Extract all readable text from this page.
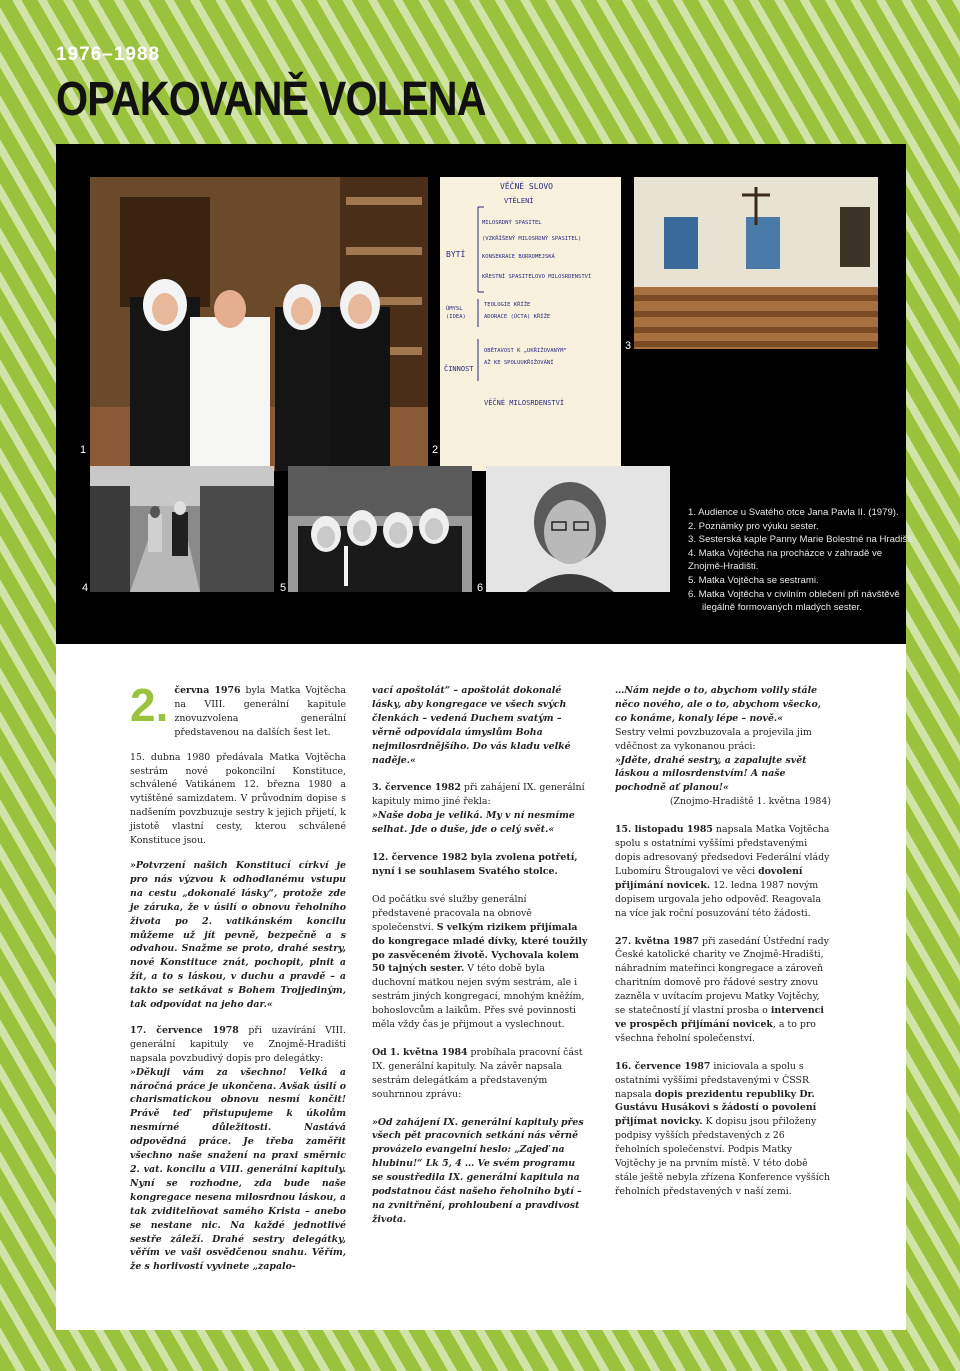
1976–1988
OPAKOVANĚ VOLENA
1
VĚČNÉ SLOVO
VTĚLENÍ
MILOSRDNÝ SPASITEL
(VZKŘÍŠENÝ MILOSRDNÝ SPASITEL)
KONSEKRACE BORROMEJSKÁ
KŘESTNÍ SPASITELOVO MILOSRDENSTVÍ
TEOLOGIE KŘÍŽE
ADORACE (ÚCTA) KŘÍŽE
OBĚTAVOST K „UKŘIŽOVANÝM“
AŽ KE SPOLUUKŘIŽOVÁNÍ
VĚČNÉ MILOSRDENSTVÍ
BYTÍ
ÚMYSL (IDEA)
ČINNOST
2
3
1. Audience u Svatého otce Jana Pavla II. (1979).
2. Poznámky pro výuku sester.
3. Sesterská kaple Panny Marie Bolestné na Hradišti.
4. Matka Vojtěcha na procházce v zahradě ve Znojmě-Hradišti.
5. Matka Vojtěcha se sestrami.
6. Matka Vojtěcha v civilním oblečení při návštěvě
ilegálně formovaných mladých sester.
4	5	6

2. června 1976 byla Matka Vojtěcha na VIII. generální kapitule znovuzvolena generální představenou na dalších šest let.

15. dubna 1980 předávala Matka Vojtěcha sestrám nové pokoncilní Konstituce, schválené Vatikánem 12. března 1980 a vytištěné samizdatem. V průvodním dopise s nadšením povzbuzuje sestry k jejich přijetí, k jistotě vlastní cesty, kterou schválené Konstituce jsou.

»Potvrzení našich Konstitucí církví je pro nás výzvou k odhodlanému vstupu na cestu „dokonalé lásky“, protože zde je záruka, že v úsilí o obnovu řeholního života po 2. vatikánském koncilu můžeme už jít pevně, bezpečně a s odvahou. Snažme se proto, drahé sestry, nové Konstituce znát, pochopit, plnit a žít, a to s láskou, v duchu a pravdě – a takto se setkávat s Bohem Trojjediným, tak odpovídat na jeho dar.«

17. července 1978 při uzavírání VIII. generální kapituly ve Znojmě-Hradišti napsala povzbudivý dopis pro delegátky:

»Děkuji vám za všechno! Velká a náročná práce je ukončena. Avšak úsilí o charismatickou obnovu nesmí končit! Právě teď přistupujeme k úkolům nesmírné důležitosti. Nastává odpovědná práce. Je třeba zaměřit všechno naše snažení na praxi směrnic 2. vat. koncilu a VIII. generální kapituly. Nyní se rozhodne, zda bude naše kongregace nesena milosrdnou láskou, a tak zviditelňovat samého Krista – anebo se nestane nic. Na každé jednotlivé sestře záleží. Drahé sestry delegátky, věřím ve vaši osvědčenou snahu. Věřím, že s horlivostí vyvinete „zapalo-

vací apoštolát“ – apoštolát dokonalé lásky, aby kongregace ve všech svých členkách – vedená Duchem svatým – věrně odpovídala úmyslům Boha nejmilosrdnějšího. Do vás kladu velké naděje.«

3. července 1982 při zahájení IX. generální kapituly mimo jiné řekla:

»Naše doba je veliká. My v ní nesmíme selhat. Jde o duše, jde o celý svět.«

12. července 1982 byla zvolena potřetí, nyní i se souhlasem Svatého stolce.

Od počátku své služby generální představené pracovala na obnově společenství. S velkým rizikem přijímala do kongregace mladé dívky, které toužily po zasvěceném životě. Vychovala kolem 50 tajných sester. V této době byla duchovní matkou nejen svým sestrám, ale i sestrám jiných kongregací, mnohým kněžím, bohoslovcům a laikům. Přes své povinnosti měla vždy čas je přijmout a vyslechnout.

Od 1. května 1984 probíhala pracovní část IX. generální kapituly. Na závěr napsala sestrám delegátkám a představeným souhrnnou zprávu:

»Od zahájení IX. generální kapituly přes všech pět pracovních setkání nás věrně provázelo evangelní heslo: „Zajeď na hlubinu!“ Lk 5, 4 … Ve svém programu se soustředila IX. generální kapitula na podstatnou část našeho řeholního bytí – na zvnitřnění, prohloubení a pravdivost života.

…Nám nejde o to, abychom volily stále něco nového, ale o to, abychom všecko, co konáme, konaly lépe – nově.«

Sestry velmi povzbuzovala a projevila jim vděčnost za vykonanou práci:

»Jděte, drahé sestry, a zapalujte svět láskou a milosrdenstvím! A naše pochodně ať planou!«

(Znojmo-Hradiště 1. května 1984)

15. listopadu 1985 napsala Matka Vojtěcha spolu s ostatními vyššími představenými dopis adresovaný předsedovi Federální vlády Lubomíru Štrougalovi ve věci dovolení přijímání novicek. 12. ledna 1987 novým dopisem urgovala jeho odpověď. Reagovala na více jak roční posuzování této žádosti.

27. května 1987 při zasedání Ústřední rady České katolické charity ve Znojmě-Hradišti, náhradním mateřinci kongregace a zároveň charitním domově pro řádové sestry znovu zazněla v uvítacím projevu Matky Vojtěchy, se statečností jí vlastní prosba o intervenci ve prospěch přijímání novicek, a to pro všechna řeholní společenství.

16. července 1987 iniciovala a spolu s ostatními vyššími představenými v ČSSR napsala dopis prezidentu republiky Dr. Gustávu Husákovi s žádostí o povolení přijímat novicky. K dopisu jsou přiloženy podpisy vyšších představených z 26 řeholních společenství. Podpis Matky Vojtěchy je na prvním místě. V této době stále ještě nebyla zřízena Konference vyšších řeholních představených v naší zemi.
